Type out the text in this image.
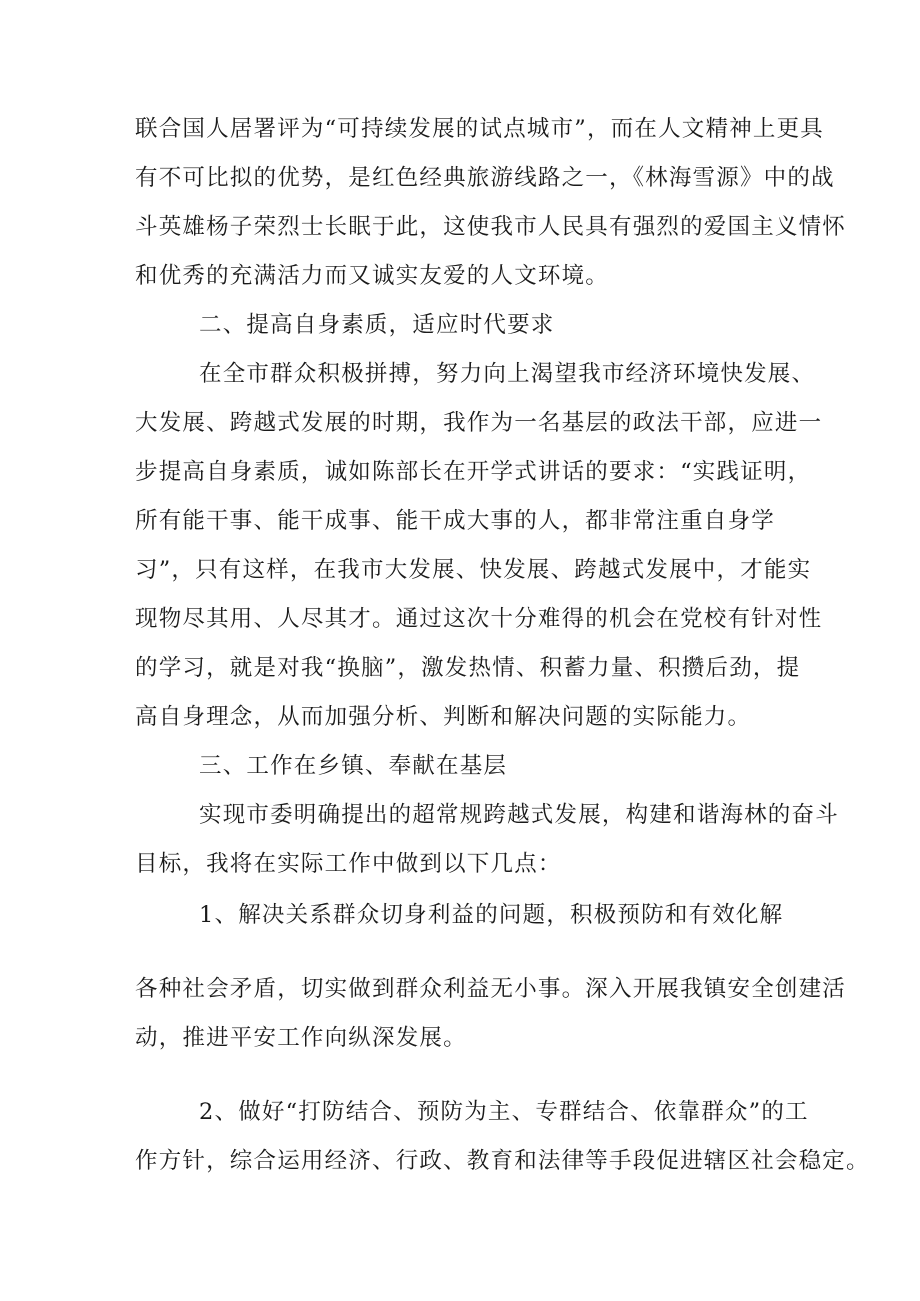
联合国人居署评为“可持续发展的试点城市”，而在人文精神上更具
有不可比拟的优势，是红色经典旅游线路之一，《林海雪源》中的战
斗英雄杨子荣烈士长眠于此，这使我市人民具有强烈的爱国主义情怀
和优秀的充满活力而又诚实友爱的人文环境。
二、提高自身素质，适应时代要求
在全市群众积极拼搏，努力向上渴望我市经济环境快发展、
大发展、跨越式发展的时期，我作为一名基层的政法干部，应进一
步提高自身素质，诚如陈部长在开学式讲话的要求：“实践证明，
所有能干事、能干成事、能干成大事的人，都非常注重自身学
习”，只有这样，在我市大发展、快发展、跨越式发展中，才能实
现物尽其用、人尽其才。通过这次十分难得的机会在党校有针对性
的学习，就是对我“换脑”，激发热情、积蓄力量、积攒后劲，提
高自身理念，从而加强分析、判断和解决问题的实际能力。
三、工作在乡镇、奉献在基层
实现市委明确提出的超常规跨越式发展，构建和谐海林的奋斗
目标，我将在实际工作中做到以下几点：
1、解决关系群众切身利益的问题，积极预防和有效化解
各种社会矛盾，切实做到群众利益无小事。深入开展我镇安全创建活
动，推进平安工作向纵深发展。
2、做好“打防结合、预防为主、专群结合、依靠群众”的工
作方针，综合运用经济、行政、教育和法律等手段促进辖区社会稳定。
